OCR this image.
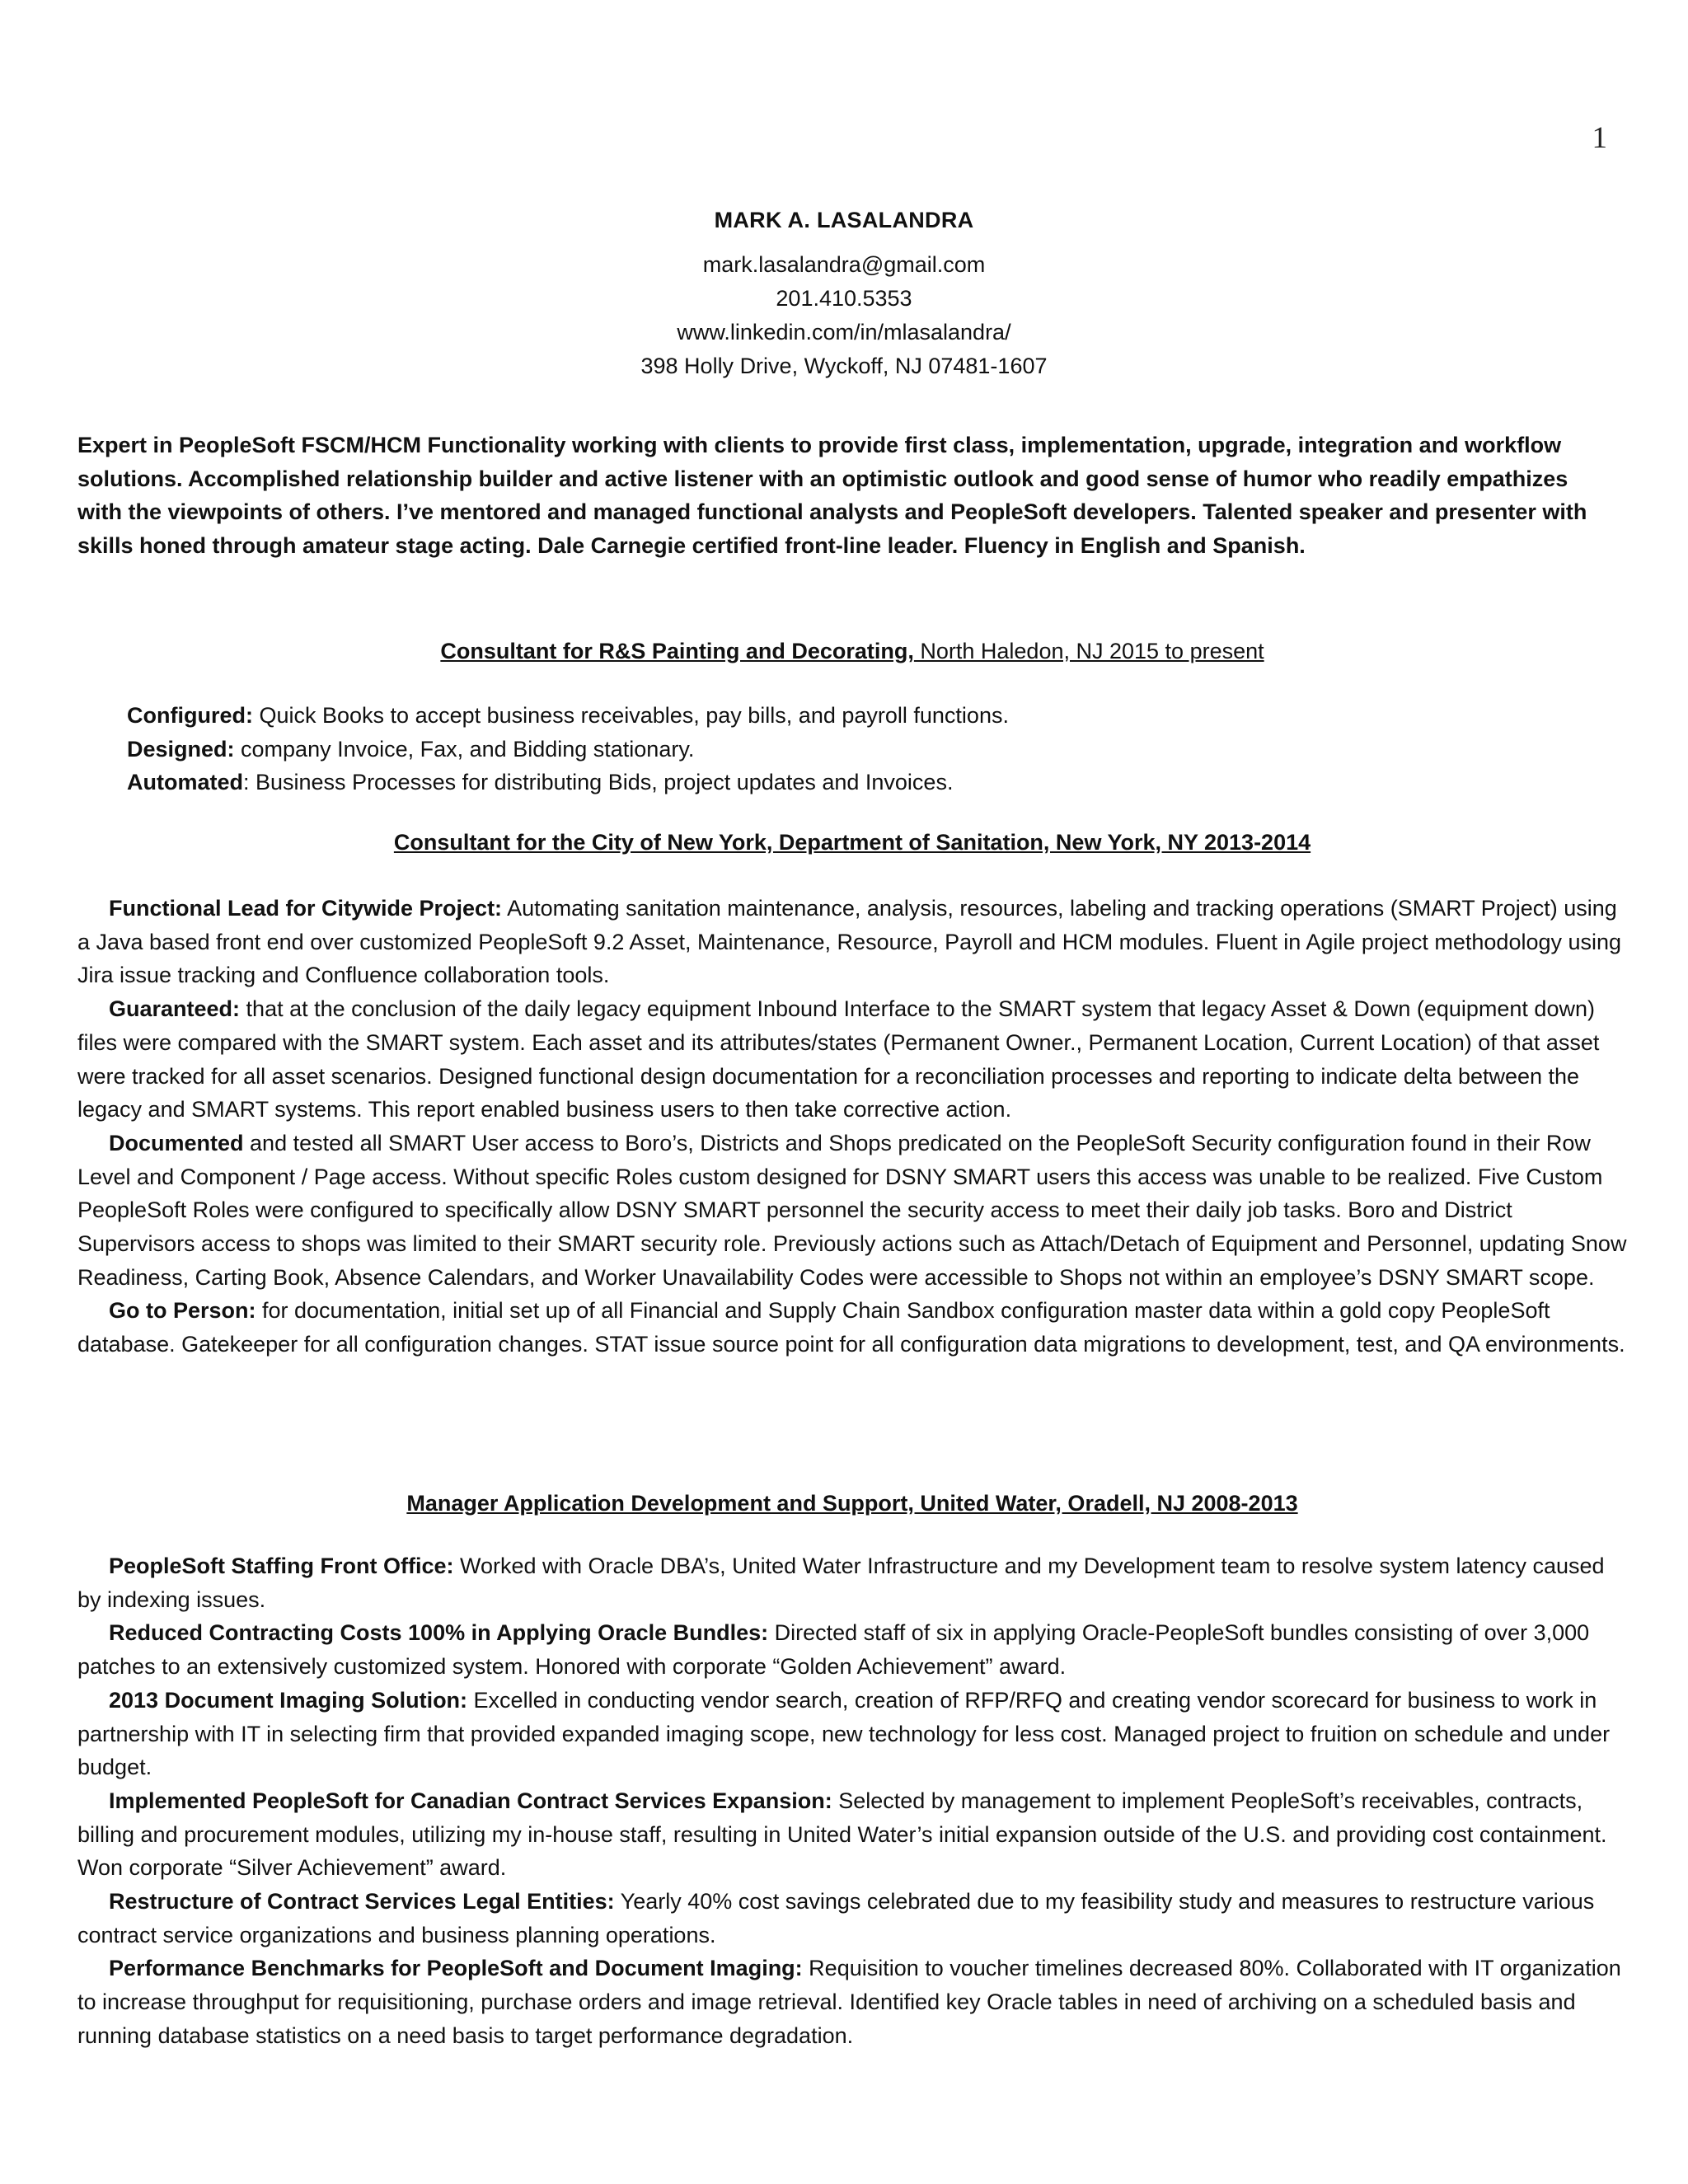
1
MARK A. LASALANDRA
mark.lasalandra@gmail.com
201.410.5353
www.linkedin.com/in/mlasalandra/
398 Holly Drive, Wyckoff, NJ 07481-1607
Expert in PeopleSoft FSCM/HCM Functionality working with clients to provide first class, implementation, upgrade, integration and workflow solutions. Accomplished relationship builder and active listener with an optimistic outlook and good sense of humor who readily empathizes with the viewpoints of others. I’ve mentored and managed functional analysts and PeopleSoft developers. Talented speaker and presenter with skills honed through amateur stage acting. Dale Carnegie certified front-line leader. Fluency in English and Spanish.
Consultant for R&S Painting and Decorating, North Haledon, NJ 2015 to present
Configured: Quick Books to accept business receivables, pay bills, and payroll functions.
Designed: company Invoice, Fax, and Bidding stationary.
Automated: Business Processes for distributing Bids, project updates and Invoices.
Consultant for the City of New York, Department of Sanitation, New York, NY 2013-2014

Functional Lead for Citywide Project: Automating sanitation maintenance, analysis, resources, labeling and tracking operations (SMART Project) using a Java based front end over customized PeopleSoft 9.2 Asset, Maintenance, Resource, Payroll and HCM modules. Fluent in Agile project methodology using Jira issue tracking and Confluence collaboration tools.

Guaranteed: that at the conclusion of the daily legacy equipment Inbound Interface to the SMART system that legacy Asset & Down (equipment down) files were compared with the SMART system. Each asset and its attributes/states (Permanent Owner., Permanent Location, Current Location) of that asset were tracked for all asset scenarios. Designed functional design documentation for a reconciliation processes and reporting to indicate delta between the legacy and SMART systems. This report enabled business users to then take corrective action.

Documented and tested all SMART User access to Boro’s, Districts and Shops predicated on the PeopleSoft Security configuration found in their Row Level and Component / Page access. Without specific Roles custom designed for DSNY SMART users this access was unable to be realized. Five Custom PeopleSoft Roles were configured to specifically allow DSNY SMART personnel the security access to meet their daily job tasks. Boro and District Supervisors access to shops was limited to their SMART security role. Previously actions such as Attach/Detach of Equipment and Personnel, updating Snow Readiness, Carting Book, Absence Calendars, and Worker Unavailability Codes were accessible to Shops not within an employee’s DSNY SMART scope.

Go to Person: for documentation, initial set up of all Financial and Supply Chain Sandbox configuration master data within a gold copy PeopleSoft database. Gatekeeper for all configuration changes. STAT issue source point for all configuration data migrations to development, test, and QA environments.

Manager Application Development and Support, United Water, Oradell, NJ 2008-2013

PeopleSoft Staffing Front Office: Worked with Oracle DBA’s, United Water Infrastructure and my Development team to resolve system latency caused by indexing issues.

Reduced Contracting Costs 100% in Applying Oracle Bundles: Directed staff of six in applying Oracle-PeopleSoft bundles consisting of over 3,000 patches to an extensively customized system. Honored with corporate “Golden Achievement” award.

2013 Document Imaging Solution: Excelled in conducting vendor search, creation of RFP/RFQ and creating vendor scorecard for business to work in partnership with IT in selecting firm that provided expanded imaging scope, new technology for less cost. Managed project to fruition on schedule and under budget.

Implemented PeopleSoft for Canadian Contract Services Expansion: Selected by management to implement PeopleSoft’s receivables, contracts, billing and procurement modules, utilizing my in-house staff, resulting in United Water’s initial expansion outside of the U.S. and providing cost containment. Won corporate “Silver Achievement” award.

Restructure of Contract Services Legal Entities: Yearly 40% cost savings celebrated due to my feasibility study and measures to restructure various contract service organizations and business planning operations.

Performance Benchmarks for PeopleSoft and Document Imaging: Requisition to voucher timelines decreased 80%. Collaborated with IT organization to increase throughput for requisitioning, purchase orders and image retrieval. Identified key Oracle tables in need of archiving on a scheduled basis and running database statistics on a need basis to target performance degradation.
